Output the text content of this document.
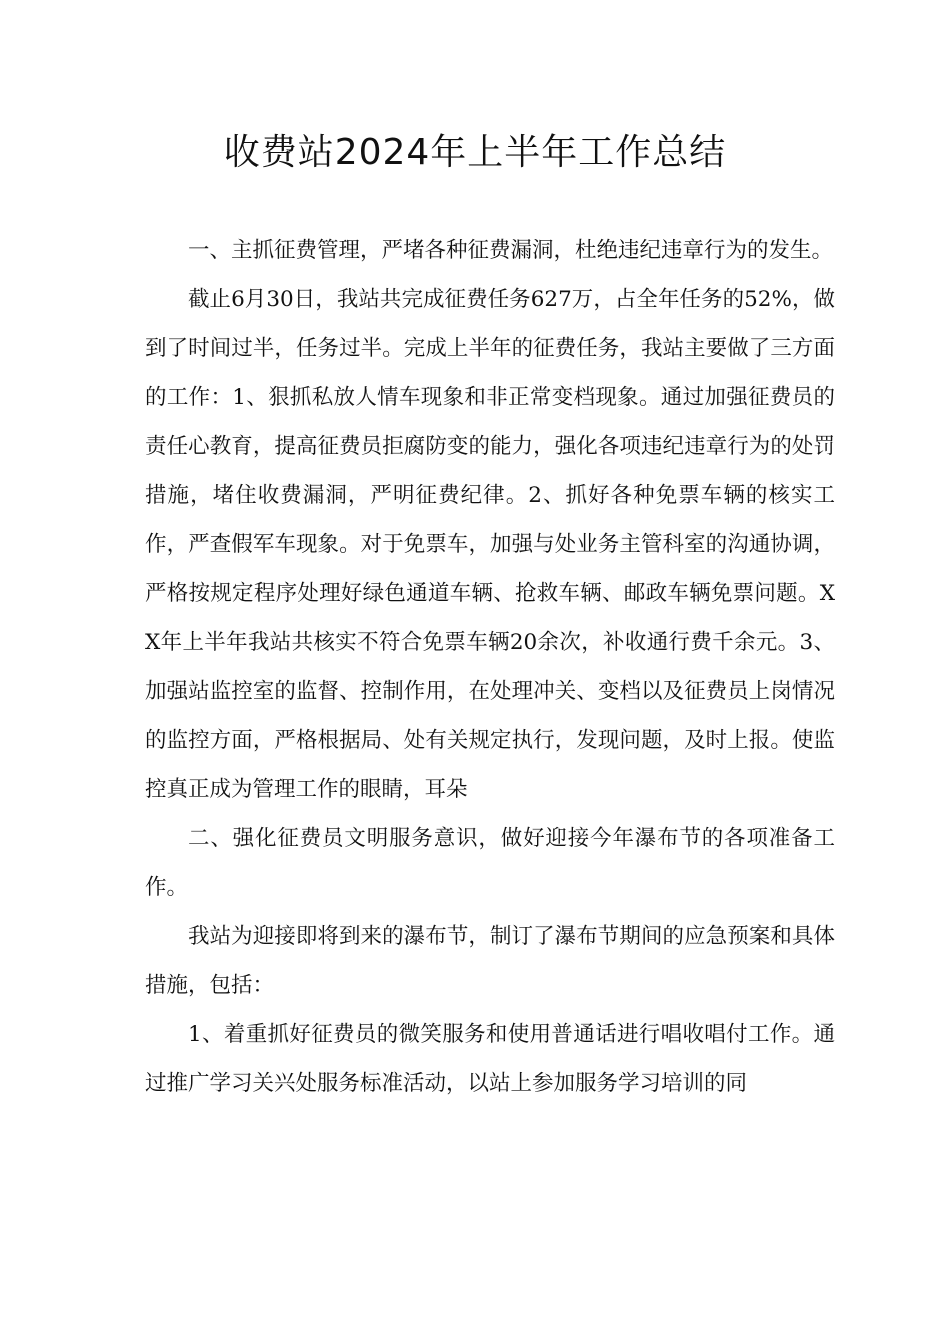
收费站2024年上半年工作总结

一、主抓征费管理，严堵各种征费漏洞，杜绝违纪违章行为的发生。

截止6月30日，我站共完成征费任务627万，占全年任务的52%，做到了时间过半，任务过半。完成上半年的征费任务，我站主要做了三方面的工作：1、狠抓私放人情车现象和非正常变档现象。通过加强征费员的责任心教育，提高征费员拒腐防变的能力，强化各项违纪违章行为的处罚措施，堵住收费漏洞，严明征费纪律。2、抓好各种免票车辆的核实工作，严查假军车现象。对于免票车，加强与处业务主管科室的沟通协调，严格按规定程序处理好绿色通道车辆、抢救车辆、邮政车辆免票问题。XX年上半年我站共核实不符合免票车辆20余次，补收通行费千余元。3、加强站监控室的监督、控制作用，在处理冲关、变档以及征费员上岗情况的监控方面，严格根据局、处有关规定执行，发现问题，及时上报。使监控真正成为管理工作的眼睛，耳朵

二、强化征费员文明服务意识，做好迎接今年瀑布节的各项准备工作。

我站为迎接即将到来的瀑布节，制订了瀑布节期间的应急预案和具体措施，包括：

1、着重抓好征费员的微笑服务和使用普通话进行唱收唱付工作。通过推广学习关兴处服务标准活动，以站上参加服务学习培训的同
